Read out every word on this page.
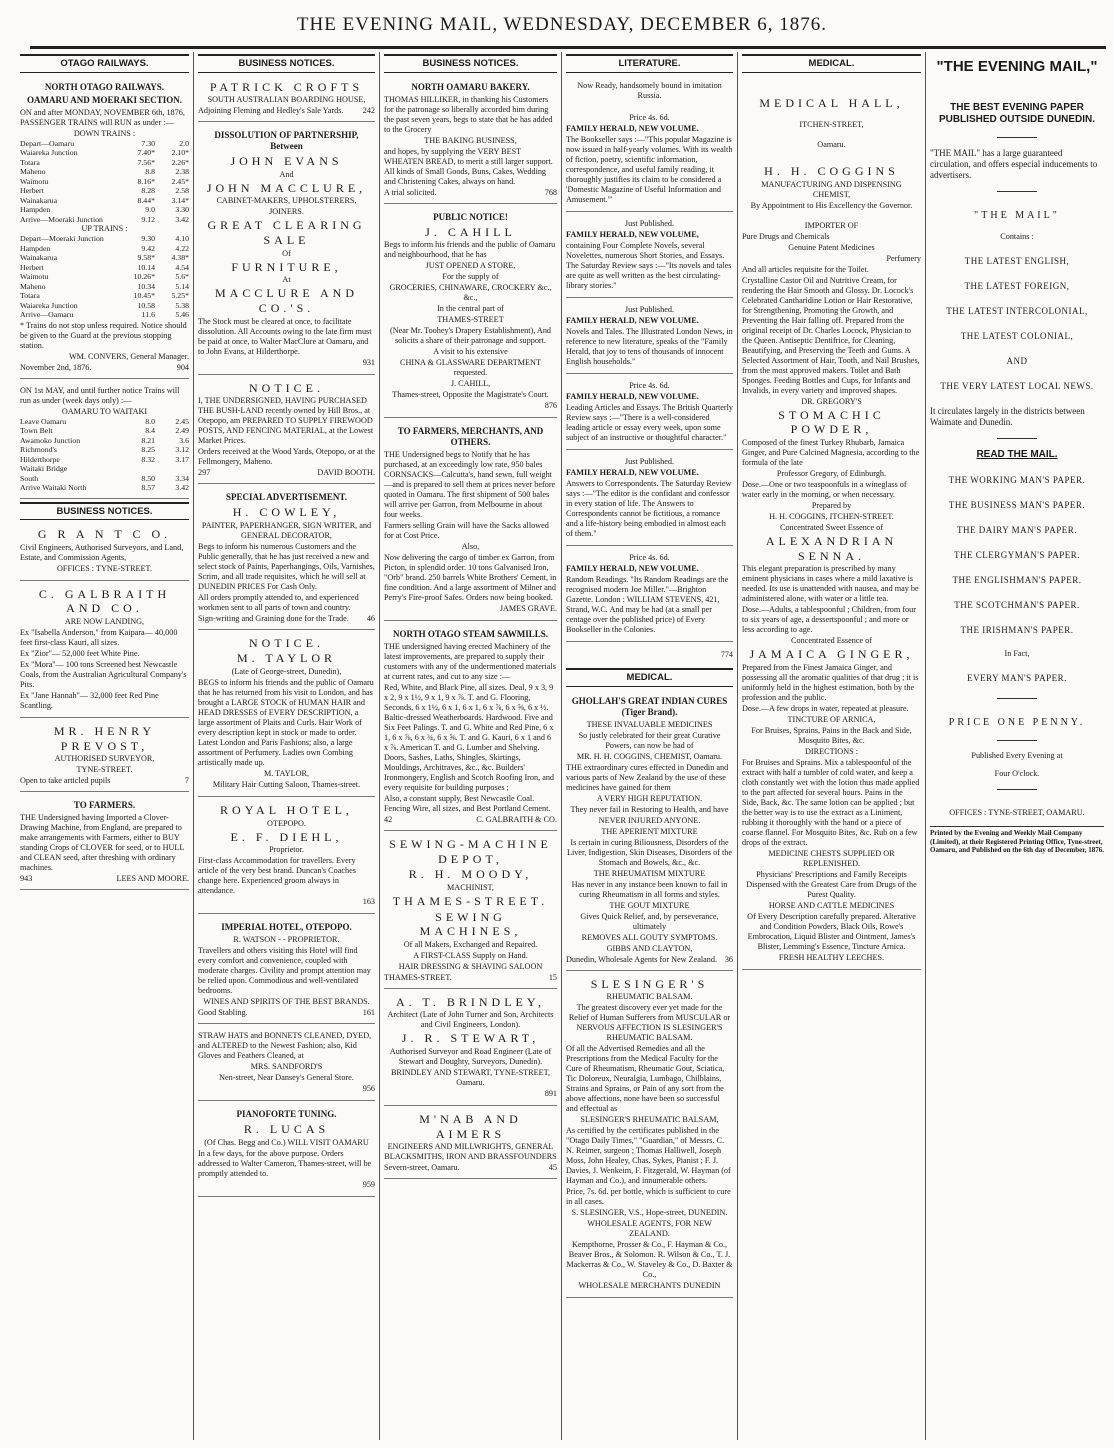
THE EVENING MAIL, WEDNESDAY, DECEMBER 6, 1876.
OTAGO RAILWAYS.
NORTH OTAGO RAILWAYS.
OAMARU AND MOERAKI SECTION.

ON and after MONDAY, NOVEMBER 6th, 1876, PASSENGER TRAINS will RUN as under :—

DOWN TRAINS :
Depart—Oamaru	7.30	2.0
Waiareka Junction	7.40*	2.10*
Totara	7.56*	2.26*
Maheno	8.8	2.38
Waimotu	8.16*	2.45*
Herbert	8.28	2.58
Wainakarua	8.44*	3.14*
Hampden	9.0	3.30
Arrive—Moeraki Junction	9.12	3.42
UP TRAINS :
Depart—Moeraki Junction	9.30	4.10
Hampden	9.42	4.22
Wainakarua	9.58*	4.38*
Herbert	10.14	4.54
Waimotu	10.26*	5.6*
Maheno	10.34	5.14
Totara	10.45*	5.25*
Waiareka Junction	10.58	5.38
Arrive—Oamaru	11.6	5.46

* Trains do not stop unless required. Notice should be given to the Guard at the previous stopping station.

WM. CONVERS, General Manager.

November 2nd, 1876.	904

ON 1st MAY, and until further notice Trains will run as under (week days only) :—

OAMARU TO WAITAKI
Leave Oamaru	8.0	2.45
Town Belt	8.4	2.49
Awamoko Junction	8.21	3.6
Richmond's	8.25	3.12
Hilderthorpe	8.32	3.17
Waitaki Bridge		
South	8.50	3.34
Arrive Waitaki North	8.57	3.42
BUSINESS NOTICES.
G R A N T C O.

Civil Engineers, Authorised Surveyors, and Land, Estate, and Commission Agents,

OFFICES : TYNE-STREET.

C. GALBRAITH AND CO.

ARE NOW LANDING,

Ex "Isabella Anderson," from Kaipara— 40,000 feet first-class Kauri, all sizes.

Ex "Zior"— 52,000 feet White Pine.

Ex "Mora"— 100 tons Screened best Newcastle Coals, from the Australian Agricultural Company's Pits.

Ex "Jane Hannah"— 32,000 feet Red Pine Scantling.

MR. HENRY PREVOST,

AUTHORISED SURVEYOR,

TYNE-STREET.

Open to take articled pupils	7
TO FARMERS.

THE Undersigned having Imported a Clover-Drawing Machine, from England, are prepared to make arrangements with Farmers, either to BUY standing Crops of CLOVER for seed, or to HULL and CLEAN seed, after threshing with ordinary machines.

943	LEES AND MOORE.
BUSINESS NOTICES.
PATRICK CROFTS

SOUTH AUSTRALIAN BOARDING HOUSE,

Adjoining Fleming and Hedley's Sale Yards. 242
DISSOLUTION OF PARTNERSHIP, Between

JOHN EVANS

And

JOHN MACCLURE,

CABINET-MAKERS, UPHOLSTERERS,

JOINERS.

GREAT CLEARING SALE

Of

FURNITURE,

At

MACCLURE AND CO.'S.

The Stock must be cleared at once, to facilitate dissolution. All Accounts owing to the late firm must be paid at once, to Walter MacClure at Oamaru, and to John Evans, at Hilderthorpe.

931

NOTICE.

I, THE UNDERSIGNED, HAVING PURCHASED THE BUSH-LAND recently owned by Hill Bros., at Otepopo, am PREPARED TO SUPPLY FIREWOOD POSTS, AND FENCING MATERIAL, at the Lowest Market Prices.

Orders received at the Wood Yards, Otepopo, or at the Fellmongery, Maheno.

297	DAVID BOOTH.
SPECIAL ADVERTISEMENT.
H. COWLEY,

PAINTER, PAPERHANGER, SIGN WRITER, and GENERAL DECORATOR,

Begs to inform his numerous Customers and the Public generally, that he has just received a new and select stock of Paints, Paperhangings, Oils, Varnishes, Scrim, and all trade requisites, which he will sell at DUNEDIN PRICES For Cash Only.

All orders promptly attended to, and experienced workmen sent to all parts of town and country.

Sign-writing and Graining done for the Trade. 46
NOTICE.

M. TAYLOR

(Late of George-street, Dunedin),

BEGS to inform his friends and the public of Oamaru that he has returned from his visit to London, and has brought a LARGE STOCK of HUMAN HAIR and HEAD DRESSES of EVERY DESCRIPTION, a large assortment of Plaits and Curls. Hair Work of every description kept in stock or made to order. Latest London and Paris Fashions; also, a large assortment of Perfumery. Ladies own Combing artistically made up.

M. TAYLOR,

Military Hair Cutting Saloon, Thames-street.

ROYAL HOTEL,

OTEPOPO.

E. F. DIEHL,

Proprietor.

First-class Accommodation for travellers. Every article of the very best brand. Duncan's Coaches change here. Experienced groom always in attendance.

163

IMPERIAL HOTEL, OTEPOPO.

R. WATSON - - PROPRIETOR.

Travellers and others visiting this Hotel will find every comfort and convenience, coupled with moderate charges. Civility and prompt attention may be relied upon. Commodious and well-ventilated bedrooms.

WINES AND SPIRITS OF THE BEST BRANDS.

Good Stabling.	161

STRAW HATS and BONNETS CLEANED, DYED, and ALTERED to the Newest Fashion; also, Kid Gloves and Feathers Cleaned, at

MRS. SANDFORD'S

Nen-street, Near Dansey's General Store.

956

PIANOFORTE TUNING.

R. LUCAS

(Of Chas. Begg and Co.) WILL VISIT OAMARU

In a few days, for the above purpose. Orders addressed to Walter Cameron, Thames-street, will be promptly attended to.

959

BUSINESS NOTICES.
NORTH OAMARU BAKERY.

THOMAS HILLIKER, in thanking his Customers for the patronage so liberally accorded him during the past seven years, begs to state that he has added to the Grocery

THE BAKING BUSINESS,

and hopes, by supplying the VERY BEST WHEATEN BREAD, to merit a still larger support. All kinds of Small Goods, Buns, Cakes, Wedding and Christening Cakes, always on hand.

A trial solicited.	768
PUBLIC NOTICE!
J. CAHILL

Begs to inform his friends and the public of Oamaru and neighbourhood, that he has

JUST OPENED A STORE,

For the supply of

GROCERIES, CHINAWARE, CROCKERY &c., &c.,

In the central part of

THAMES-STREET

(Near Mr. Toohey's Drapery Establishment), And solicits a share of their patronage and support.

A visit to his extensive

CHINA & GLASSWARE DEPARTMENT requested.

J. CAHILL,

Thames-street, Opposite the Magistrate's Court.

876

TO FARMERS, MERCHANTS, AND OTHERS.

THE Undersigned begs to Notify that he has purchased, at an exceedingly low rate, 950 bales CORNSACKS—Calcutta's, hand sewn, full weight—and is prepared to sell them at prices never before quoted in Oamaru. The first shipment of 500 bales will arrive per Garron, from Melbourne in about four weeks.

Farmers selling Grain will have the Sacks allowed for at Cost Price.

Also,

Now delivering the cargo of timber ex Garron, from Picton, in splendid order. 10 tons Galvanised Iron, "Orb" brand. 250 barrels White Brothers' Cement, in fine condition. And a large assortment of Milner and Perry's Fire-proof Safes. Orders now being booked.

JAMES GRAVE.

NORTH OTAGO STEAM SAWMILLS.

THE undersigned having erected Machinery of the latest improvements, are prepared to supply their customers with any of the undermentioned materials at current rates, and cut to any size :—

Red, White, and Black Pine, all sizes. Deal, 9 x 3, 9 x 2, 9 x 1½, 9 x 1, 9 x ⅞. T. and G. Flooring, Seconds, 6 x 1½, 6 x 1, 6 x 1, 6 x ⅞, 6 x ⅝, 6 x ½. Baltic-dressed Weatherboards. Hardwood. Five and Six Feet Palings. T. and G. White and Red Pine, 6 x 1, 6 x ⅞, 6 x ¾, 6 x ⅝. T. and G. Kauri, 6 x 1 and 6 x ⅞. American T. and G. Lumber and Shelving. Doors, Sashes, Laths, Shingles, Skirtings, Mouldings, Architraves, &c., &c. Builders' Ironmongery, English and Scotch Roofing Iron, and every requisite for building purposes ;

Also, a constant supply, Best Newcastle Coal. Fencing Wire, all sizes, and Best Portland Cement.

42	C. GALBRAITH & CO.
SEWING-MACHINE DEPOT,

R. H. MOODY,

MACHINIST,

THAMES-STREET.

SEWING MACHINES,

Of all Makers, Exchanged and Repaired.

A FIRST-CLASS Supply on Hand.

HAIR DRESSING & SHAVING SALOON

THAMES-STREET.	15
A. T. BRINDLEY,

Architect (Late of John Turner and Son, Architects and Civil Engineers, London).

J. R. STEWART,

Authorised Surveyor and Road Engineer (Late of Stewart and Doughty, Surveyors, Dunedin).

BRINDLEY AND STEWART, TYNE-STREET, Oamaru.

891

M'NAB AND AIMERS

ENGINEERS AND MILLWRIGHTS, GENERAL BLACKSMITHS, IRON AND BRASSFOUNDERS

Severn-street, Oamaru.	45
LITERATURE.

Now Ready, handsomely bound in imitation Russia.

Price 4s. 6d.

FAMILY HERALD, NEW VOLUME.

The Bookseller says :—"This popular Magazine is now issued in half-yearly volumes. With its wealth of fiction, poetry, scientific information, correspondence, and useful family reading, it thoroughly justifies its claim to be considered a 'Domestic Magazine of Useful Information and Amusement.'"

Just Published.

FAMILY HERALD, NEW VOLUME,

containing Four Complete Novels, several Novelettes, numerous Short Stories, and Essays. The Saturday Review says :—"Its novels and tales are quite as well written as the best circulating-library stories."

Just Published.

FAMILY HERALD, NEW VOLUME.

Novels and Tales. The Illustrated London News, in reference to new literature, speaks of the "Family Herald, that joy to tens of thousands of innocent English households."

Price 4s. 6d.

FAMILY HERALD, NEW VOLUME.

Leading Articles and Essays. The British Quarterly Review says :—"There is a well-considered leading article or essay every week, upon some subject of an instructive or thoughtful character."

Just Published.

FAMILY HERALD, NEW VOLUME.

Answers to Correspondents. The Saturday Review says :—"The editor is the confidant and confessor in every station of life. The Answers to Correspondents cannot be fictitious, a romance and a life-history being embodied in almost each of them."

Price 4s. 6d.

FAMILY HERALD, NEW VOLUME.

Random Readings. "Its Random Readings are the recognised modern Joe Miller."—Brighton Gazette. London : WILLIAM STEVENS, 421, Strand, W.C. And may be had (at a small per centage over the published price) of Every Bookseller in the Colonies.

774

MEDICAL.
GHOLLAH'S GREAT INDIAN CURES (Tiger Brand).

THESE INVALUABLE MEDICINES

So justly celebrated for their great Curative Powers, can now be had of

MR. H. H. COGGINS, CHEMIST, Oamaru.

THE extraordinary cures effected in Dunedin and various parts of New Zealand by the use of these medicines have gained for them

A VERY HIGH REPUTATION.

They never fail in Restoring to Health, and have

NEVER INJURED ANYONE.

THE APERIENT MIXTURE

Is certain in curing Biliousness, Disorders of the Liver, Indigestion, Skin Diseases, Disorders of the Stomach and Bowels, &c., &c.

THE RHEUMATISM MIXTURE

Has never in any instance been known to fail in curing Rheumatism in all forms and styles.

THE GOUT MIXTURE

Gives Quick Relief, and, by perseverance, ultimately

REMOVES ALL GOUTY SYMPTOMS.

GIBBS AND CLAYTON,

Dunedin, Wholesale Agents for New Zealand. 36
SLESINGER'S

RHEUMATIC BALSAM.

The greatest discovery ever yet made for the Relief of Human Sufferers from MUSCULAR or NERVOUS AFFECTION IS SLESINGER'S RHEUMATIC BALSAM.

Of all the Advertised Remedies and all the Prescriptions from the Medical Faculty for the Cure of Rheumatism, Rheumatic Gout, Sciatica, Tic Doloreux, Neuralgia, Lumbago, Chilblains, Strains and Sprains, or Pain of any sort from the above affections, none have been so successful and effectual as

SLESINGER'S RHEUMATIC BALSAM,

As certified by the certificates published in the "Otago Daily Times," "Guardian," of Messrs. C. N. Reimer, surgeon ; Thomas Halliwell, Joseph Moss, John Healey, Chas. Sykes, Pianist ; F. J. Davies, J. Wenkeim, F. Fitzgerald, W. Hayman (of Hayman and Co.), and innumerable others.

Price, 7s. 6d. per bottle, which is sufficient to cure in all cases.

S. SLESINGER, V.S., Hope-street, DUNEDIN.

WHOLESALE AGENTS, FOR NEW ZEALAND.

Kempthorne, Prosser & Co., F. Hayman & Co., Beaver Bros., & Solomon. R. Wilson & Co., T. J. Mackerras & Co., W. Staveley & Co., D. Baxter & Co.,

WHOLESALE MERCHANTS DUNEDIN

MEDICAL.

MEDICAL HALL,

ITCHEN-STREET,

Oamaru.

H. H. COGGINS

MANUFACTURING AND DISPENSING CHEMIST,

By Appointment to His Excellency the Governor.

IMPORTER OF

Pure Drugs and Chemicals

Genuine Patent Medicines

Perfumery

And all articles requisite for the Toilet.

Crystalline Castor Oil and Nutritive Cream, for rendering the Hair Smooth and Glossy. Dr. Locock's Celebrated Cantharidine Lotion or Hair Restorative, for Strengthening, Promoting the Growth, and Preventing the Hair falling off. Prepared from the original receipt of Dr. Charles Locock, Physician to the Queen. Antiseptic Dentifrice, for Cleaning, Beautifying, and Preserving the Teeth and Gums. A Selected Assortment of Hair, Tooth, and Nail Brushes, from the most approved makers. Toilet and Bath Sponges. Feeding Bottles and Cups, for Infants and Invalids, in every variety and improved shapes.

DR. GREGORY'S

STOMACHIC POWDER,

Composed of the finest Turkey Rhubarb, Jamaica Ginger, and Pure Calcined Magnesia, according to the formula of the late

Professor Gregory, of Edinburgh.

Dose.—One or two teaspoonfuls in a wineglass of water early in the morning, or when necessary.

Prepared by

H. H. COGGINS, ITCHEN-STREET.

Concentrated Sweet Essence of

ALEXANDRIAN SENNA.

This elegant preparation is prescribed by many eminent physicians in cases where a mild laxative is needed. Its use is unattended with nausea, and may be administered alone, with water or a little tea.

Dose.—Adults, a tablespoonful ; Children, from four to six years of age, a dessertspoonful ; and more or less according to age.

Concentrated Essence of

JAMAICA GINGER,

Prepared from the Finest Jamaica Ginger, and possessing all the aromatic qualities of that drug ; it is uniformly held in the highest estimation, both by the profession and the public.

Dose.—A few drops in water, repeated at pleasure.

TINCTURE OF ARNICA,

For Bruises, Sprains, Pains in the Back and Side, Mosquito Bites, &c.

DIRECTIONS :

For Bruises and Sprains. Mix a tablespoonful of the extract with half a tumbler of cold water, and keep a cloth constantly wet with the lotion thus made applied to the part affected for several hours. Pains in the Side, Back, &c. The same lotion can be applied ; but the better way is to use the extract as a Liniment, rubbing it thoroughly with the hand or a piece of coarse flannel. For Mosquito Bites, &c. Rub on a few drops of the extract.

MEDICINE CHESTS SUPPLIED OR REPLENISHED.

Physicians' Prescriptions and Family Receipts Dispensed with the Greatest Care from Drugs of the Purest Quality.

HORSE AND CATTLE MEDICINES

Of Every Description carefully prepared. Alterative and Condition Powders, Black Oils, Rowe's Embrocation, Liquid Blister and Ointment, James's Blister, Lemming's Essence, Tincture Arnica.

FRESH HEALTHY LEECHES.

"THE EVENING MAIL,"
THE BEST EVENING PAPER PUBLISHED OUTSIDE DUNEDIN.

"THE MAIL" has a large guaranteed circulation, and offers especial inducements to advertisers.

"THE MAIL"

Contains :

THE LATEST ENGLISH,
THE LATEST FOREIGN,
THE LATEST INTERCOLONIAL,
THE LATEST COLONIAL,
AND
THE VERY LATEST LOCAL NEWS.

It circulates largely in the districts between Waimate and Dunedin.

READ THE MAIL.
THE WORKING MAN'S PAPER.
THE BUSINESS MAN'S PAPER.
THE DAIRY MAN'S PAPER.
THE CLERGYMAN'S PAPER.
THE ENGLISHMAN'S PAPER.
THE SCOTCHMAN'S PAPER.
THE IRISHMAN'S PAPER.

In Fact,

EVERY MAN'S PAPER.
PRICE ONE PENNY.

Published Every Evening at

Four O'clock.

OFFICES : TYNE-STREET, OAMARU.

Printed by the Evening and Weekly Mail Company (Limited), at their Registered Printing Office, Tyne-street, Oamaru, and Published on the 6th day of December, 1876.
